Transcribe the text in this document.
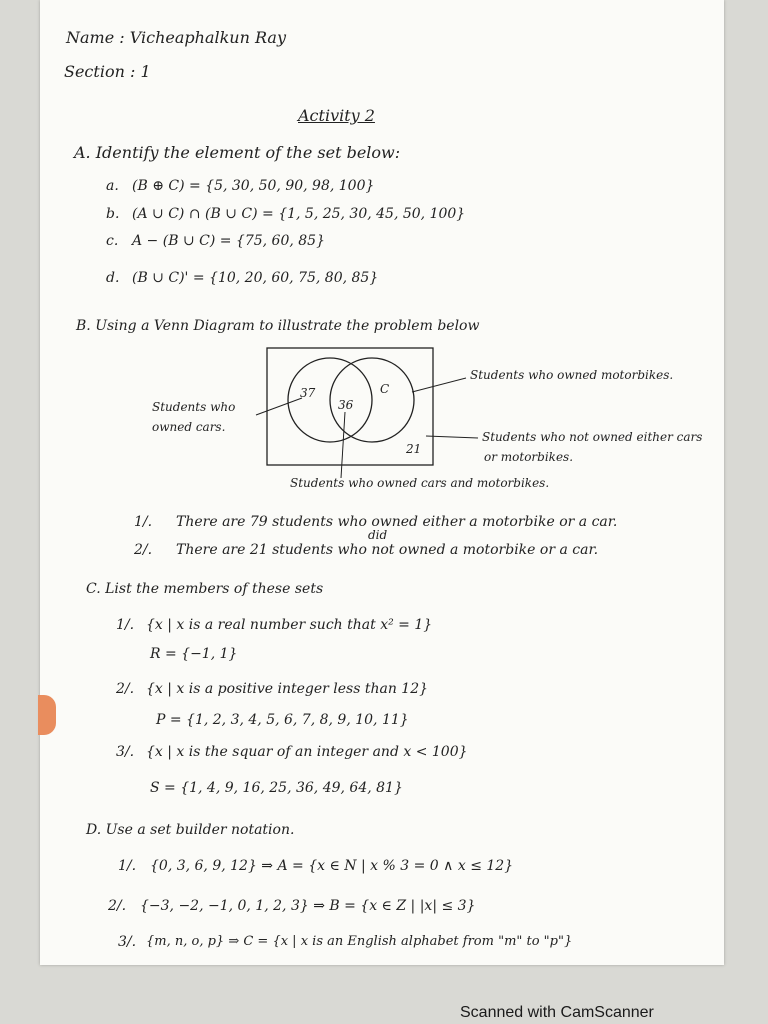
Name : Vicheaphalkun Ray

Section : 1

Activity 2

A. Identify the element of the set below:

a. (B ⊕ C) = {5, 30, 50, 90, 98, 100}

b. (A ∪ C) ∩ (B ∪ C) = {1, 5, 25, 30, 45, 50, 100}

c. A − (B ∪ C) = {75, 60, 85}

d. (B ∪ C)' = {10, 20, 60, 75, 80, 85}

B. Using a Venn Diagram to illustrate the problem below

37

36

C

21

Students who owned cars.

Students who owned motorbikes.

Students who not owned either cars

or motorbikes.

Students who owned cars and motorbikes.

1/. There are 79 students who owned either a motorbike or a car.

did

2/. There are 21 students who not owned a motorbike or a car.

C. List the members of these sets

1/. {x | x is a real number such that x² = 1}

R = {−1, 1}

2/. {x | x is a positive integer less than 12}

P = {1, 2, 3, 4, 5, 6, 7, 8, 9, 10, 11}

3/. {x | x is the squar of an integer and x < 100}

S = {1, 4, 9, 16, 25, 36, 49, 64, 81}

D. Use a set builder notation.

1/. {0, 3, 6, 9, 12} ⇒ A = {x ∈ N | x % 3 = 0 ∧ x ≤ 12}

2/. {−3, −2, −1, 0, 1, 2, 3} ⇒ B = {x ∈ Z | |x| ≤ 3}

3/. {m, n, o, p} ⇒ C = {x | x is an English alphabet from "m" to "p"}

Scanned with CamScanner
